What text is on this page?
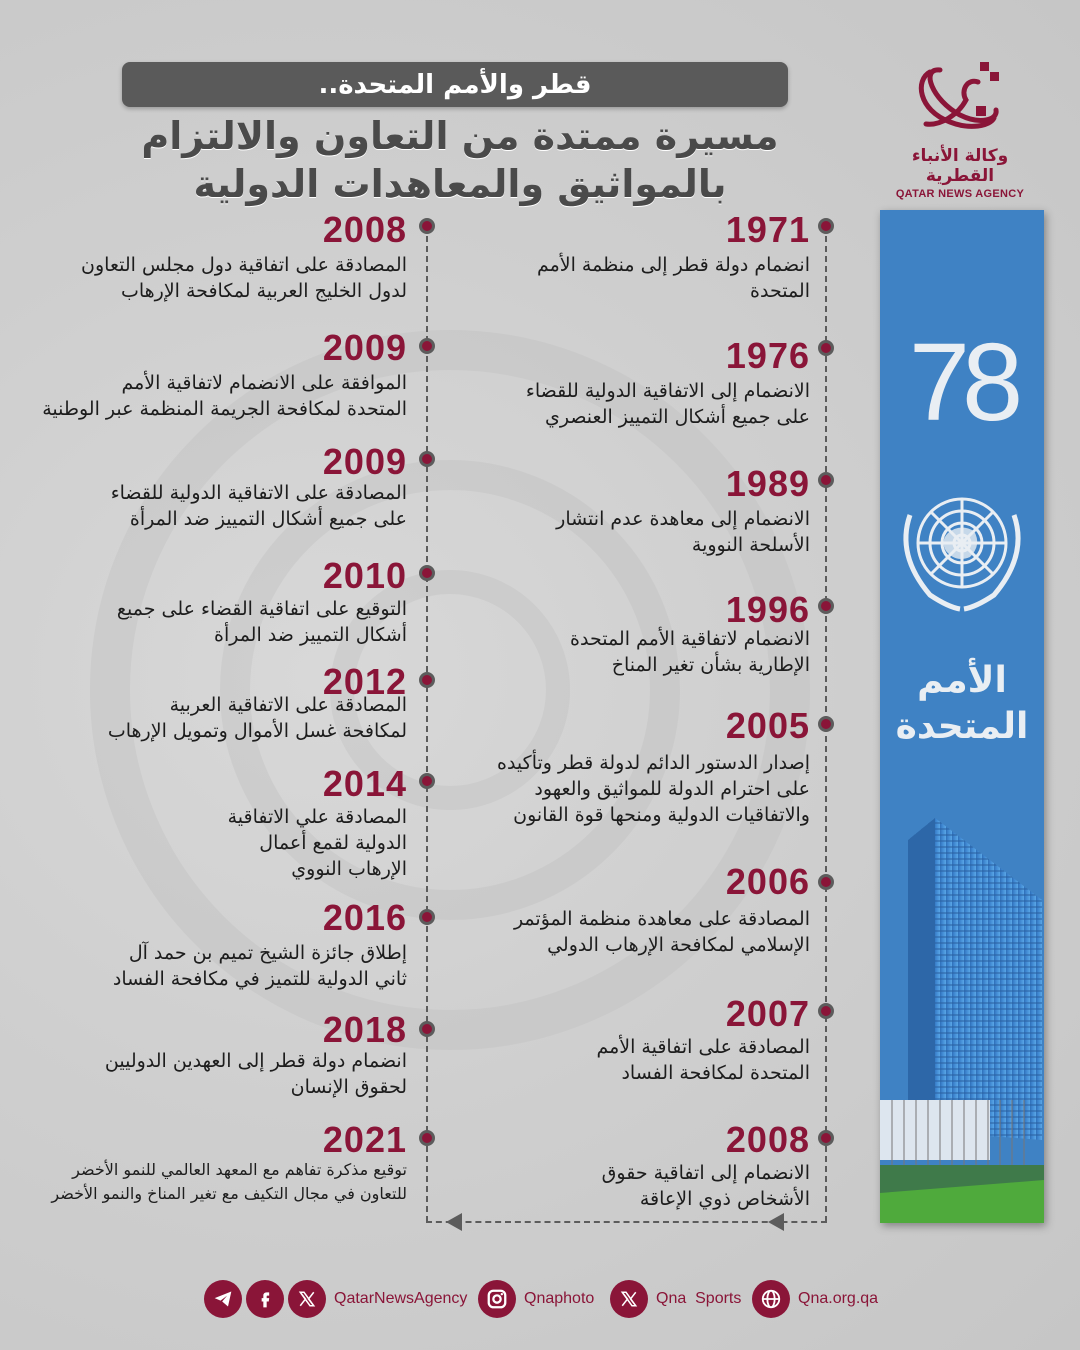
قطر والأمم المتحدة..
مسيرة ممتدة من التعاون والالتزام
بالمواثيق والمعاهدات الدولية
وكالة الأنباء القطرية
QATAR NEWS AGENCY
78
الأمم
المتحدة
1971
انضمام دولة قطر إلى منظمة الأمم
المتحدة
1976
الانضمام إلى الاتفاقية الدولية للقضاء
على جميع أشكال التمييز العنصري
1989
الانضمام إلى معاهدة عدم انتشار
الأسلحة النووية
1996
الانضمام لاتفاقية الأمم المتحدة
الإطارية بشأن تغير المناخ
2005
إصدار الدستور الدائم لدولة قطر وتأكيده
على احترام الدولة للمواثيق والعهود
والاتفاقيات الدولية ومنحها قوة القانون
2006
المصادقة على معاهدة منظمة المؤتمر
الإسلامي لمكافحة الإرهاب الدولي
2007
المصادقة على اتفاقية الأمم
المتحدة لمكافحة الفساد
2008
الانضمام إلى اتفاقية حقوق
الأشخاص ذوي الإعاقة
2008
المصادقة على اتفاقية دول مجلس التعاون
لدول الخليج العربية لمكافحة الإرهاب
2009
الموافقة على الانضمام لاتفاقية الأمم
المتحدة لمكافحة الجريمة المنظمة عبر الوطنية
2009
المصادقة على الاتفاقية الدولية للقضاء
على جميع أشكال التمييز ضد المرأة
2010
التوقيع على اتفاقية القضاء على جميع
أشكال التمييز ضد المرأة
2012
المصادقة على الاتفاقية العربية
لمكافحة غسل الأموال وتمويل الإرهاب
2014
المصادقة علي الاتفاقية
الدولية لقمع أعمال
الإرهاب النووي
2016
إطلاق جائزة الشيخ تميم بن حمد آل
ثاني الدولية للتميز في مكافحة الفساد
2018
انضمام دولة قطر إلى العهدين الدوليين
لحقوق الإنسان
2021
توقيع مذكرة تفاهم مع المعهد العالمي للنمو الأخضر
للتعاون في مجال التكيف مع تغير المناخ والنمو الأخضر
QatarNewsAgency	Qnaphoto	Qna  Sports	Qna.org.qa
